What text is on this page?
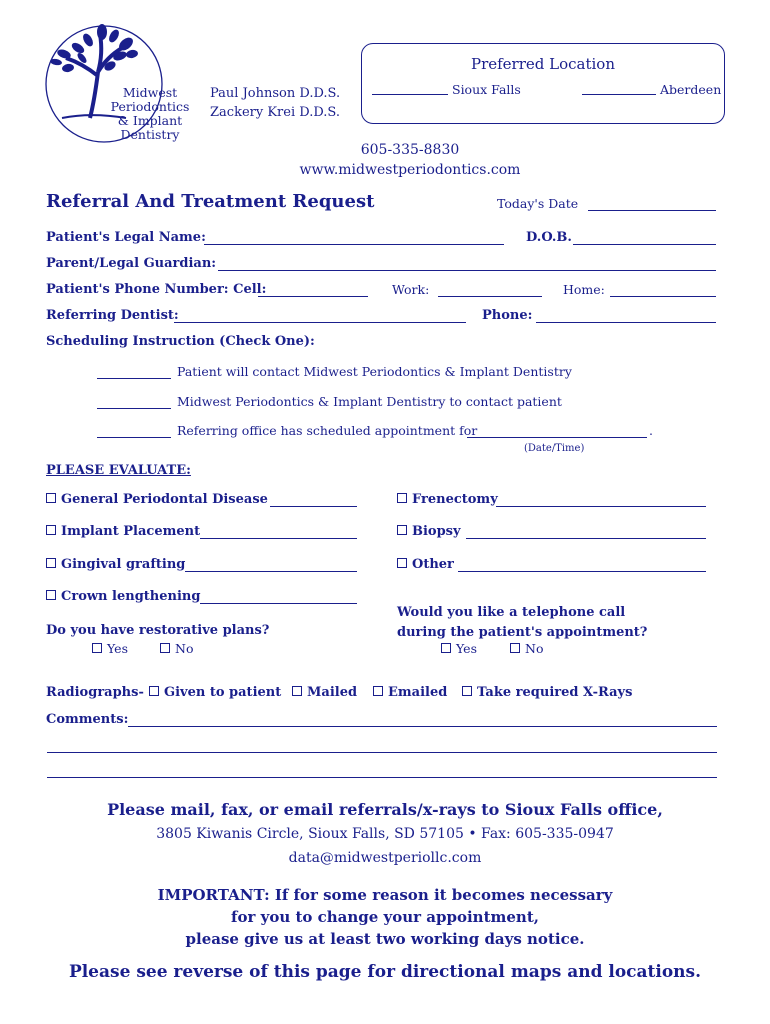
Midwest
Periodontics
& Implant Dentistry
Paul Johnson D.D.S.
Zackery Krei D.D.S.
Preferred Location
Sioux Falls	Aberdeen
605-335-8830
www.midwestperiodontics.com
Referral And Treatment Request	Today's Date
Patient's Legal Name:	D.O.B.
Parent/Legal Guardian:
Patient's Phone Number: Cell:	Work:	Home:
Referring Dentist:	Phone:
Scheduling Instruction (Check One):
Patient will contact Midwest Periodontics & Implant Dentistry
Midwest Periodontics & Implant Dentistry to contact patient
Referring office has scheduled appointment for	.
(Date/Time)
PLEASE EVALUATE:
General Periodontal Disease	Frenectomy
Implant Placement	Biopsy
Gingival grafting	Other
Crown lengthening
Do you have restorative plans?
Yes	No
Would you like a telephone call
during the patient's appointment?
Yes	No
Radiographs-	Given to patient	Mailed	Emailed	Take required X-Rays
Comments:
Please mail, fax, or email referrals/x-rays to Sioux Falls office,
3805 Kiwanis Circle, Sioux Falls, SD 57105 • Fax: 605-335-0947
data@midwestperiollc.com
IMPORTANT: If for some reason it becomes necessary
for you to change your appointment,
please give us at least two working days notice.
Please see reverse of this page for directional maps and locations.
